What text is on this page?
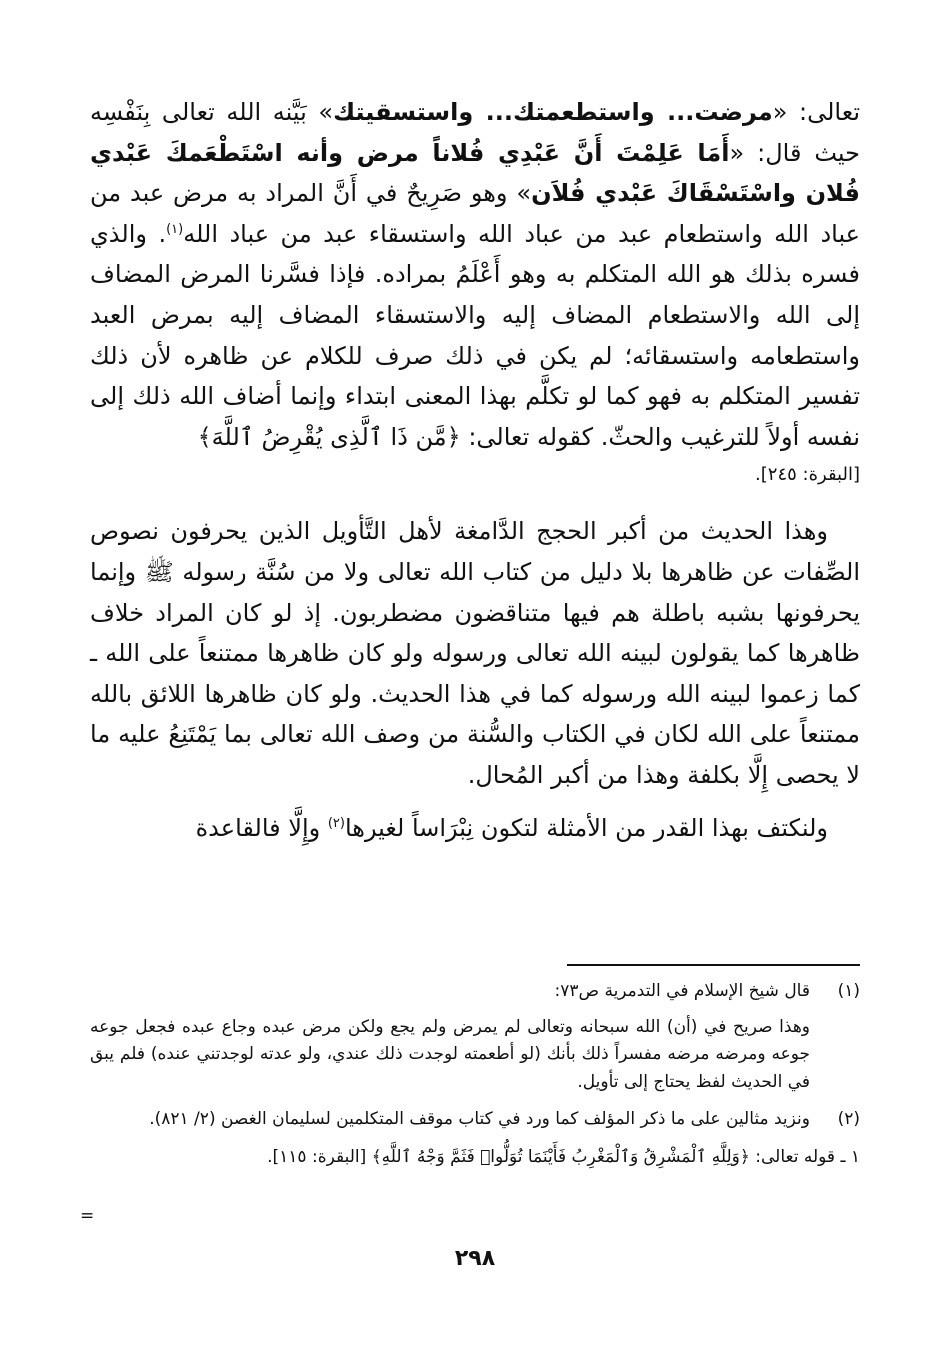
تعالى: «مرضت... واستطعمتك... واستسقيتك» بَيَّنه الله تعالى بِنَفْسِه حيث قال: «أَمَا عَلِمْتَ أَنَّ عَبْدِي فُلاناً مرض وأنه اسْتَطْعَمكَ عَبْدي فُلان واسْتَسْقَاكَ عَبْدي فُلاَن» وهو صَرِيحٌ في أَنَّ المراد به مرض عبد من عباد الله واستطعام عبد من عباد الله واستسقاء عبد من عباد الله$^{(١)}$. والذي فسره بذلك هو الله المتكلم به وهو أَعْلَمُ بمراده. فإذا فسَّرنا المرض المضاف إلى الله والاستطعام المضاف إليه والاستسقاء المضاف إليه بمرض العبد واستطعامه واستسقائه؛ لم يكن في ذلك صرف للكلام عن ظاهره لأن ذلك تفسير المتكلم به فهو كما لو تكلَّم بهذا المعنى ابتداء وإنما أضاف الله ذلك إلى نفسه أولاً للترغيب والحثّ. كقوله تعالى: ﴿مَّن ذَا ٱلَّذِى يُقْرِضُ ٱللَّهَ﴾
[البقرة: ٢٤٥].

وهذا الحديث من أكبر الحجج الدَّامغة لأهل التَّأويل الذين يحرفون نصوص الصِّفات عن ظاهرها بلا دليل من كتاب الله تعالى ولا من سُنَّة رسوله ﷺ وإنما يحرفونها بشبه باطلة هم فيها متناقضون مضطربون. إذ لو كان المراد خلاف ظاهرها كما يقولون لبينه الله تعالى ورسوله ولو كان ظاهرها ممتنعاً على الله ـ كما زعموا لبينه الله ورسوله كما في هذا الحديث. ولو كان ظاهرها اللائق بالله ممتنعاً على الله لكان في الكتاب والسُّنة من وصف الله تعالى بما يَمْتَنِعُ عليه ما لا يحصى إِلَّا بكلفة وهذا من أكبر المُحال.

ولنكتف بهذا القدر من الأمثلة لتكون نِبْرَاساً لغيرها$^{(٢)}$ وإِلَّا فالقاعدة

(١)

قال شيخ الإسلام في التدمرية ص٧٣:

وهذا صريح في (أن) الله سبحانه وتعالى لم يمرض ولم يجع ولكن مرض عبده وجاع عبده فجعل جوعه جوعه ومرضه مرضه مفسراً ذلك بأنك (لو أطعمته لوجدت ذلك عندي، ولو عدته لوجدتني عنده) فلم يبق في الحديث لفظ يحتاج إلى تأويل.

(٢)

ونزيد مثالين على ما ذكر المؤلف كما ورد في كتاب موقف المتكلمين لسليمان الغصن (٢/ ٨٢١).

١ ـ قوله تعالى: ﴿وَلِلَّهِ ٱلْمَشْرِقُ وَٱلْمَغْرِبُ فَأَيْنَمَا تُوَلُّوا۟ فَثَمَّ وَجْهُ ٱللَّهِ﴾ [البقرة: ١١٥].

=
٢٩٨
